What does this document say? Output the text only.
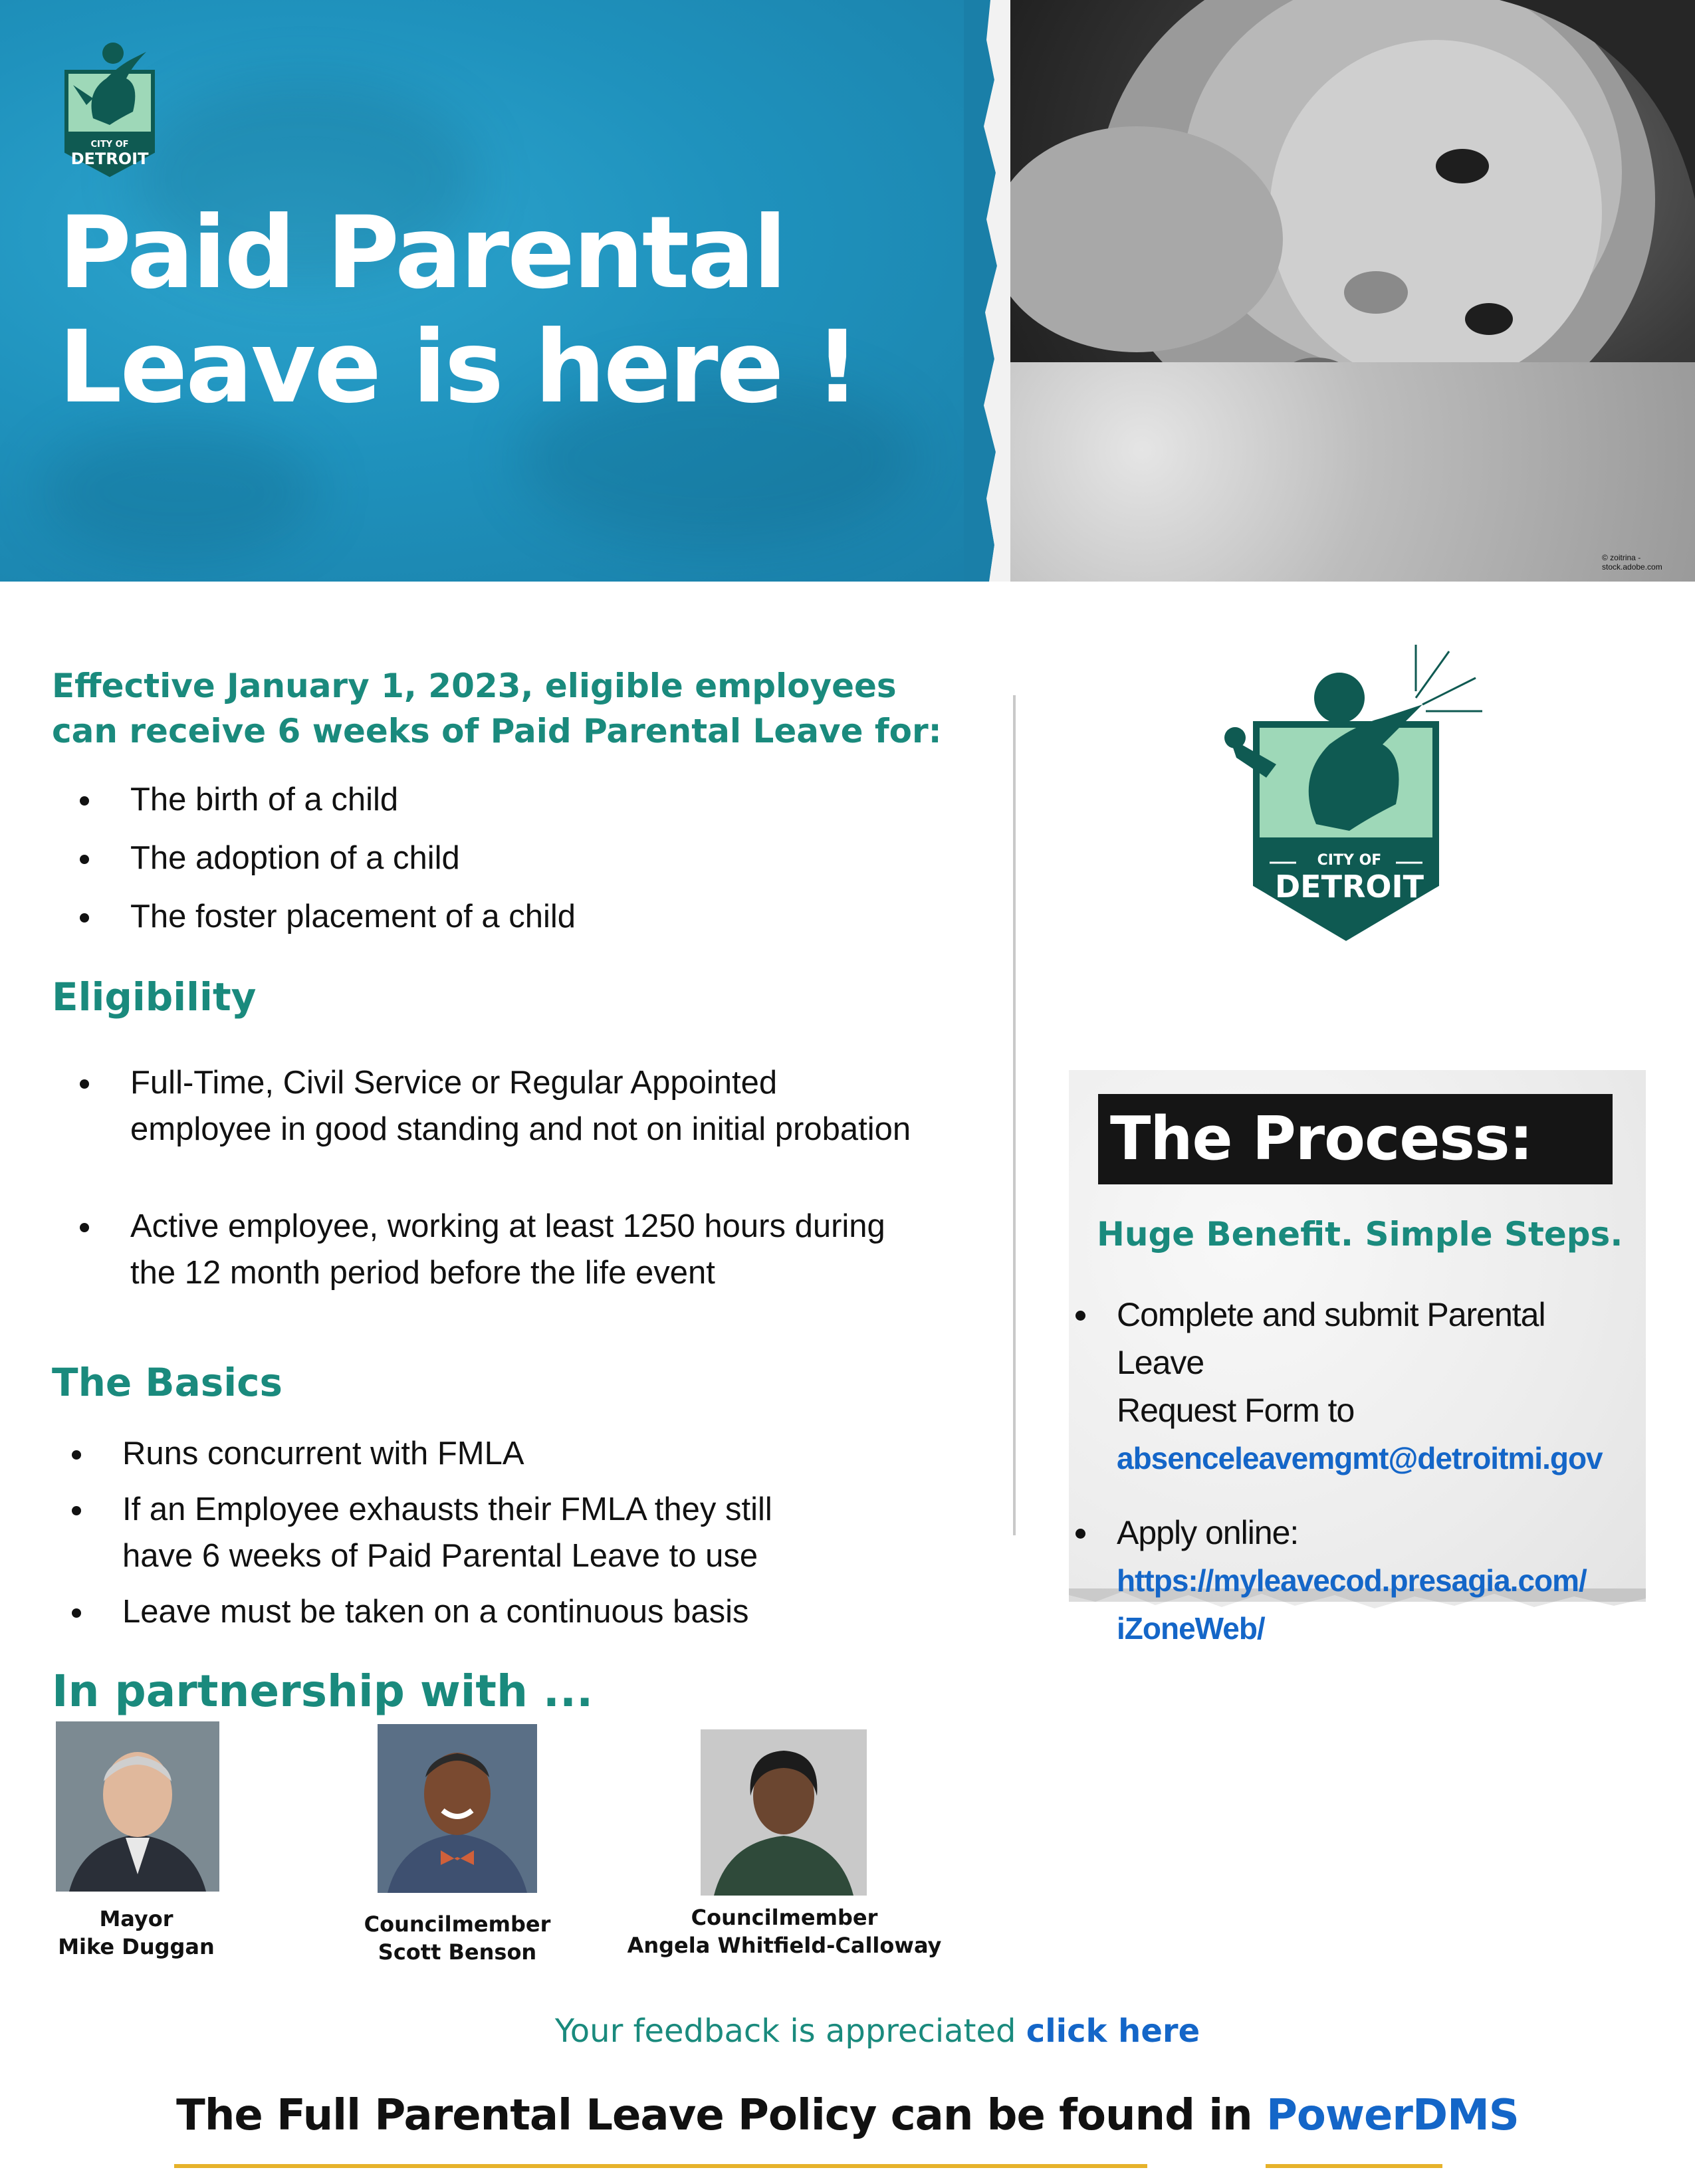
CITY OF
DETROIT
Paid Parental
Leave is here !
© zoitrina - stock.adobe.com
Effective January 1, 2023, eligible employees
can receive 6 weeks of Paid Parental Leave for:
The birth of a child
The adoption of a child
The foster placement of a child
Eligibility
Full-Time, Civil Service or Regular Appointed
employee in good standing and not on initial probation
Active employee, working at least 1250 hours during
the 12 month period before the life event
The Basics
Runs concurrent with FMLA
If an Employee exhausts their FMLA they still
have 6 weeks of Paid Parental Leave to use
Leave must be taken on a continuous basis
CITY OF
DETROIT
The Process:
Huge Benefit. Simple Steps.
Complete and submit Parental Leave
Request Form to
absenceleavemgmt@detroitmi.gov
Apply online:
https://myleavecod.presagia.com/
iZoneWeb/
In partnership with ...
Mayor
Mike Duggan
Councilmember
Scott Benson
Councilmember
Angela Whitfield-Calloway
Your feedback is appreciated click here
The Full Parental Leave Policy can be found in PowerDMS
